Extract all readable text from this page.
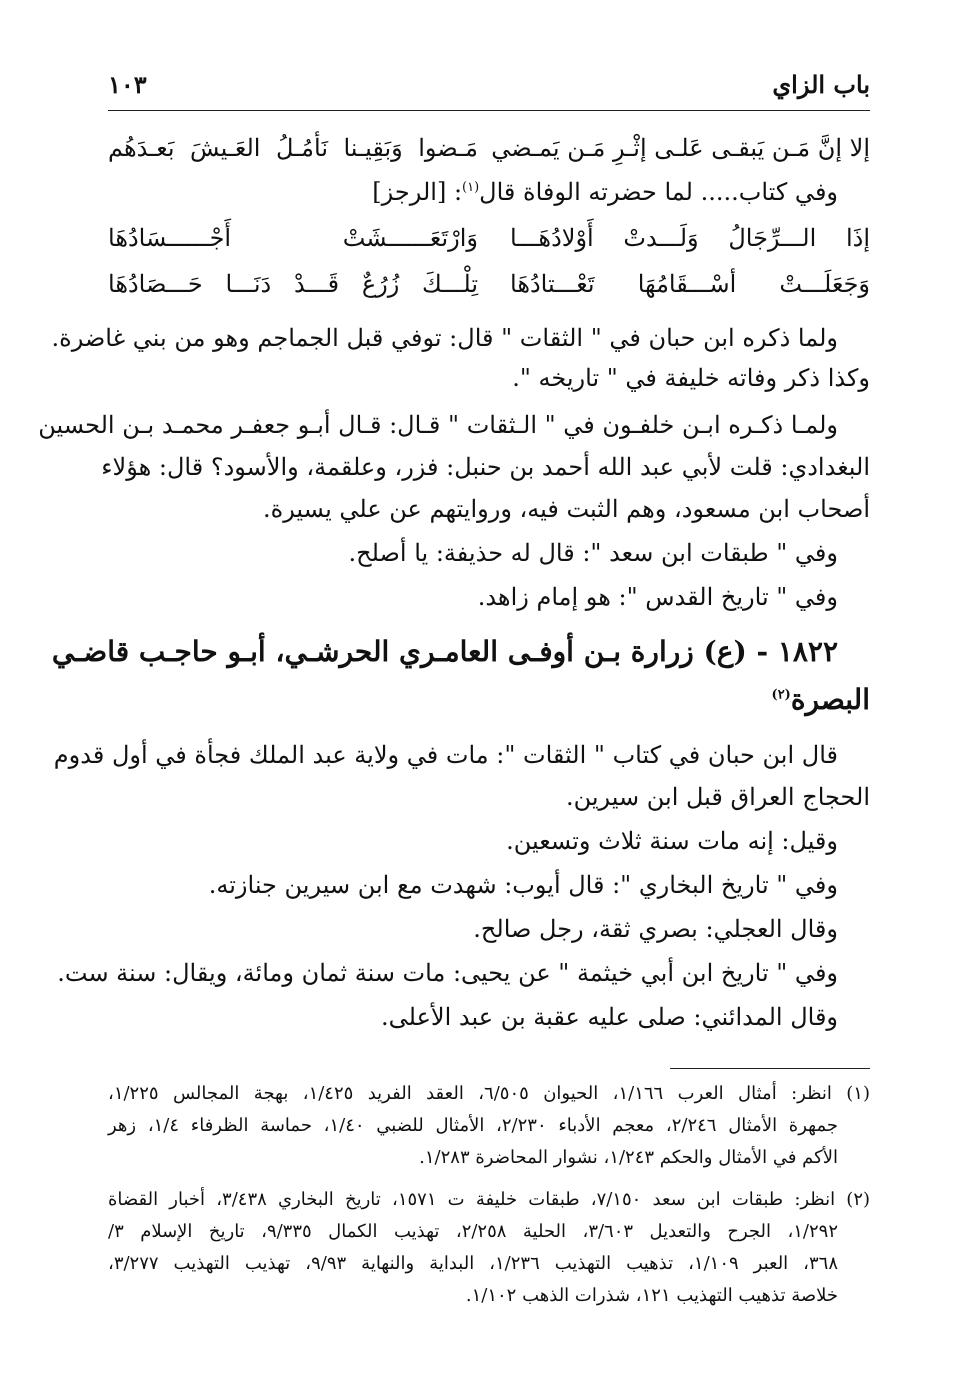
باب الزاي
١٠٣
إلا إنَّ مَـن يَبقـى عَلـى إثْـرِ مَـن يَمـضي
مَـضوا وَبَقِيـنا نَأمُـلُ العَـيشَ بَعـدَهُم
وفي كتاب..... لما حضرته الوفاة قال$^{(١)}$: [الرجز]
إذَا الـــرِّجَالُ وَلَـــدتْ أَوْلادُهَـــا
وَارْتَعَــــــشَتْ أَجْــــــسَادُهَا
وَجَعَلَـــتْ أسْـــقَامُهَا تَعْـــتادُهَا
تِلْـــكَ زُرُعٌ قَـــدْ دَنَـــا حَـــصَادُهَا
ولما ذكره ابن حبان في " الثقات " قال: توفي قبل الجماجم وهو من بني غاضرة.
وكذا ذكر وفاته خليفة في " تاريخه ".
ولمـا ذكـره ابـن خلفـون في " الـثقات " قـال: قـال أبـو جعفـر محمـد بـن الحسين
البغدادي: قلت لأبي عبد الله أحمد بن حنبل: فزر، وعلقمة، والأسود؟ قال: هؤلاء
أصحاب ابن مسعود، وهم الثبت فيه، وروايتهم عن علي يسيرة.
وفي " طبقات ابن سعد ": قال له حذيفة: يا أصلح.
وفي " تاريخ القدس ": هو إمام زاهد.
١٨٢٢ - (ع) زرارة بـن أوفـى العامـري الحرشـي، أبـو حاجـب قاضـي
البصرة$^{(٢)}$
قال ابن حبان في كتاب " الثقات ": مات في ولاية عبد الملك فجأة في أول قدوم
الحجاج العراق قبل ابن سيرين.
وقيل: إنه مات سنة ثلاث وتسعين.
وفي " تاريخ البخاري ": قال أيوب: شهدت مع ابن سيرين جنازته.
وقال العجلي: بصري ثقة، رجل صالح.
وفي " تاريخ ابن أبي خيثمة " عن يحيى: مات سنة ثمان ومائة، ويقال: سنة ست.
وقال المدائني: صلى عليه عقبة بن عبد الأعلى.
(١) انظر: أمثال العرب ١/١٦٦، الحيوان ٦/٥٠٥، العقد الفريد ١/٤٢٥، بهجة المجالس ١/٢٢٥،
جمهرة الأمثال ٢/٢٤٦، معجم الأدباء ٢/٢٣٠، الأمثال للضبي ١/٤٠، حماسة الظرفاء ١/٤، زهر
الأكم في الأمثال والحكم ١/٢٤٣، نشوار المحاضرة ١/٢٨٣.
(٢) انظر: طبقات ابن سعد ٧/١٥٠، طبقات خليفة ت ١٥٧١، تاريخ البخاري ٣/٤٣٨، أخبار القضاة
١/٢٩٢، الجرح والتعديل ٣/٦٠٣، الحلية ٢/٢٥٨، تهذيب الكمال ٩/٣٣٥، تاريخ الإسلام ٣/
٣٦٨، العبر ١/١٠٩، تذهيب التهذيب ١/٢٣٦، البداية والنهاية ٩/٩٣، تهذيب التهذيب ٣/٢٧٧،
خلاصة تذهيب التهذيب ١٢١، شذرات الذهب ١/١٠٢.
